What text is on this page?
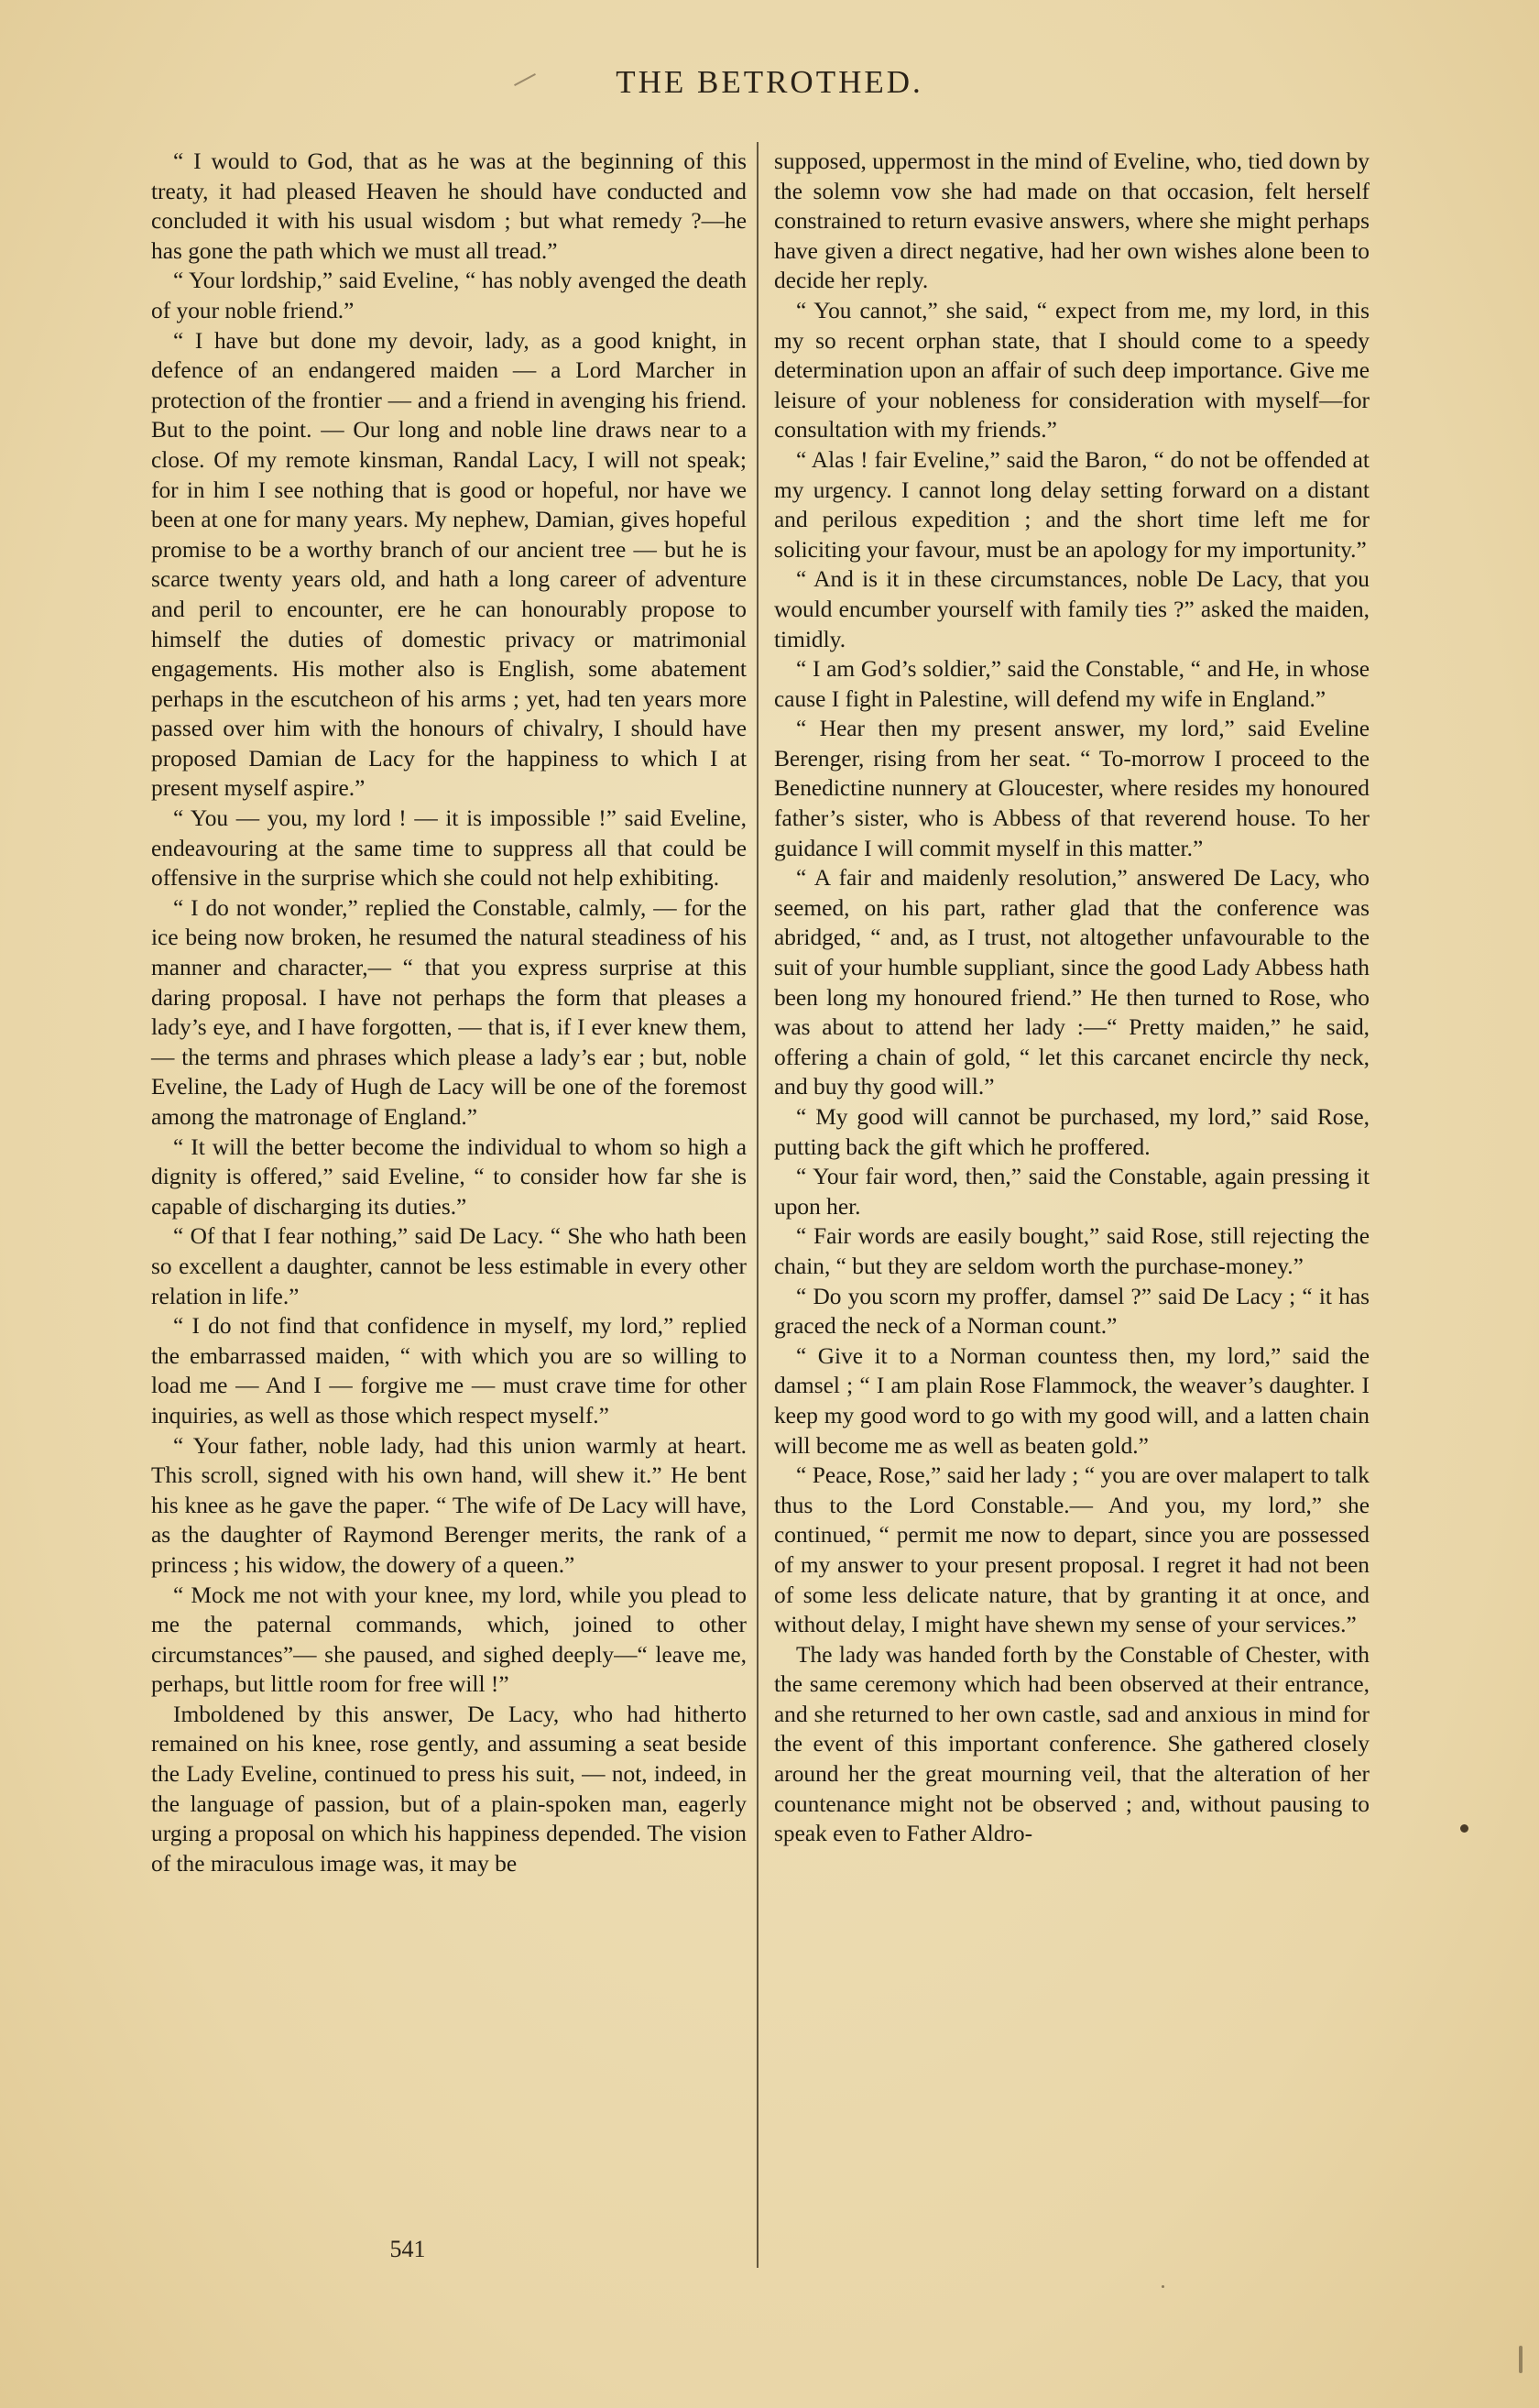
THE BETROTHED.

“ I would to God, that as he was at the beginning of this treaty, it had pleased Heaven he should have conducted and concluded it with his usual wisdom ; but what remedy ?—he has gone the path which we must all tread.”

“ Your lordship,” said Eveline, “ has nobly avenged the death of your noble friend.”

“ I have but done my devoir, lady, as a good knight, in defence of an endangered maiden — a Lord Marcher in protection of the frontier — and a friend in avenging his friend. But to the point. — Our long and noble line draws near to a close. Of my remote kinsman, Randal Lacy, I will not speak; for in him I see nothing that is good or hopeful, nor have we been at one for many years. My nephew, Damian, gives hopeful promise to be a worthy branch of our ancient tree — but he is scarce twenty years old, and hath a long career of adventure and peril to encounter, ere he can honourably propose to himself the duties of domestic privacy or matrimonial engagements. His mother also is English, some abatement perhaps in the escutcheon of his arms ; yet, had ten years more passed over him with the honours of chivalry, I should have proposed Damian de Lacy for the happiness to which I at present myself aspire.”

“ You — you, my lord ! — it is impossible !” said Eveline, endeavouring at the same time to suppress all that could be offensive in the surprise which she could not help exhibiting.

“ I do not wonder,” replied the Constable, calmly, — for the ice being now broken, he resumed the natural steadiness of his manner and character,— “ that you express surprise at this daring proposal. I have not perhaps the form that pleases a lady’s eye, and I have forgotten, — that is, if I ever knew them, — the terms and phrases which please a lady’s ear ; but, noble Eveline, the Lady of Hugh de Lacy will be one of the foremost among the matronage of England.”

“ It will the better become the individual to whom so high a dignity is offered,” said Eveline, “ to consider how far she is capable of discharging its duties.”

“ Of that I fear nothing,” said De Lacy. “ She who hath been so excellent a daughter, cannot be less estimable in every other relation in life.”

“ I do not find that confidence in myself, my lord,” replied the embarrassed maiden, “ with which you are so willing to load me — And I — forgive me — must crave time for other inquiries, as well as those which respect myself.”

“ Your father, noble lady, had this union warmly at heart. This scroll, signed with his own hand, will shew it.” He bent his knee as he gave the paper. “ The wife of De Lacy will have, as the daughter of Raymond Berenger merits, the rank of a princess ; his widow, the dowery of a queen.”

“ Mock me not with your knee, my lord, while you plead to me the paternal commands, which, joined to other circumstances”— she paused, and sighed deeply—“ leave me, perhaps, but little room for free will !”

Imboldened by this answer, De Lacy, who had hitherto remained on his knee, rose gently, and assuming a seat beside the Lady Eveline, continued to press his suit, — not, indeed, in the language of passion, but of a plain-spoken man, eagerly urging a proposal on which his happiness depended. The vision of the miraculous image was, it may be

supposed, uppermost in the mind of Eveline, who, tied down by the solemn vow she had made on that occasion, felt herself constrained to return evasive answers, where she might perhaps have given a direct negative, had her own wishes alone been to decide her reply.

“ You cannot,” she said, “ expect from me, my lord, in this my so recent orphan state, that I should come to a speedy determination upon an affair of such deep importance. Give me leisure of your nobleness for consideration with myself—for consultation with my friends.”

“ Alas ! fair Eveline,” said the Baron, “ do not be offended at my urgency. I cannot long delay setting forward on a distant and perilous expedition ; and the short time left me for soliciting your favour, must be an apology for my importunity.”

“ And is it in these circumstances, noble De Lacy, that you would encumber yourself with family ties ?” asked the maiden, timidly.

“ I am God’s soldier,” said the Constable, “ and He, in whose cause I fight in Palestine, will defend my wife in England.”

“ Hear then my present answer, my lord,” said Eveline Berenger, rising from her seat. “ To-morrow I proceed to the Benedictine nunnery at Gloucester, where resides my honoured father’s sister, who is Abbess of that reverend house. To her guidance I will commit myself in this matter.”

“ A fair and maidenly resolution,” answered De Lacy, who seemed, on his part, rather glad that the conference was abridged, “ and, as I trust, not altogether unfavourable to the suit of your humble suppliant, since the good Lady Abbess hath been long my honoured friend.” He then turned to Rose, who was about to attend her lady :—“ Pretty maiden,” he said, offering a chain of gold, “ let this carcanet encircle thy neck, and buy thy good will.”

“ My good will cannot be purchased, my lord,” said Rose, putting back the gift which he proffered.

“ Your fair word, then,” said the Constable, again pressing it upon her.

“ Fair words are easily bought,” said Rose, still rejecting the chain, “ but they are seldom worth the purchase-money.”

“ Do you scorn my proffer, damsel ?” said De Lacy ; “ it has graced the neck of a Norman count.”

“ Give it to a Norman countess then, my lord,” said the damsel ; “ I am plain Rose Flammock, the weaver’s daughter. I keep my good word to go with my good will, and a latten chain will become me as well as beaten gold.”

“ Peace, Rose,” said her lady ; “ you are over malapert to talk thus to the Lord Constable.— And you, my lord,” she continued, “ permit me now to depart, since you are possessed of my answer to your present proposal. I regret it had not been of some less delicate nature, that by granting it at once, and without delay, I might have shewn my sense of your services.”

The lady was handed forth by the Constable of Chester, with the same ceremony which had been observed at their entrance, and she returned to her own castle, sad and anxious in mind for the event of this important conference. She gathered closely around her the great mourning veil, that the alteration of her countenance might not be observed ; and, without pausing to speak even to Father Aldro-

541
